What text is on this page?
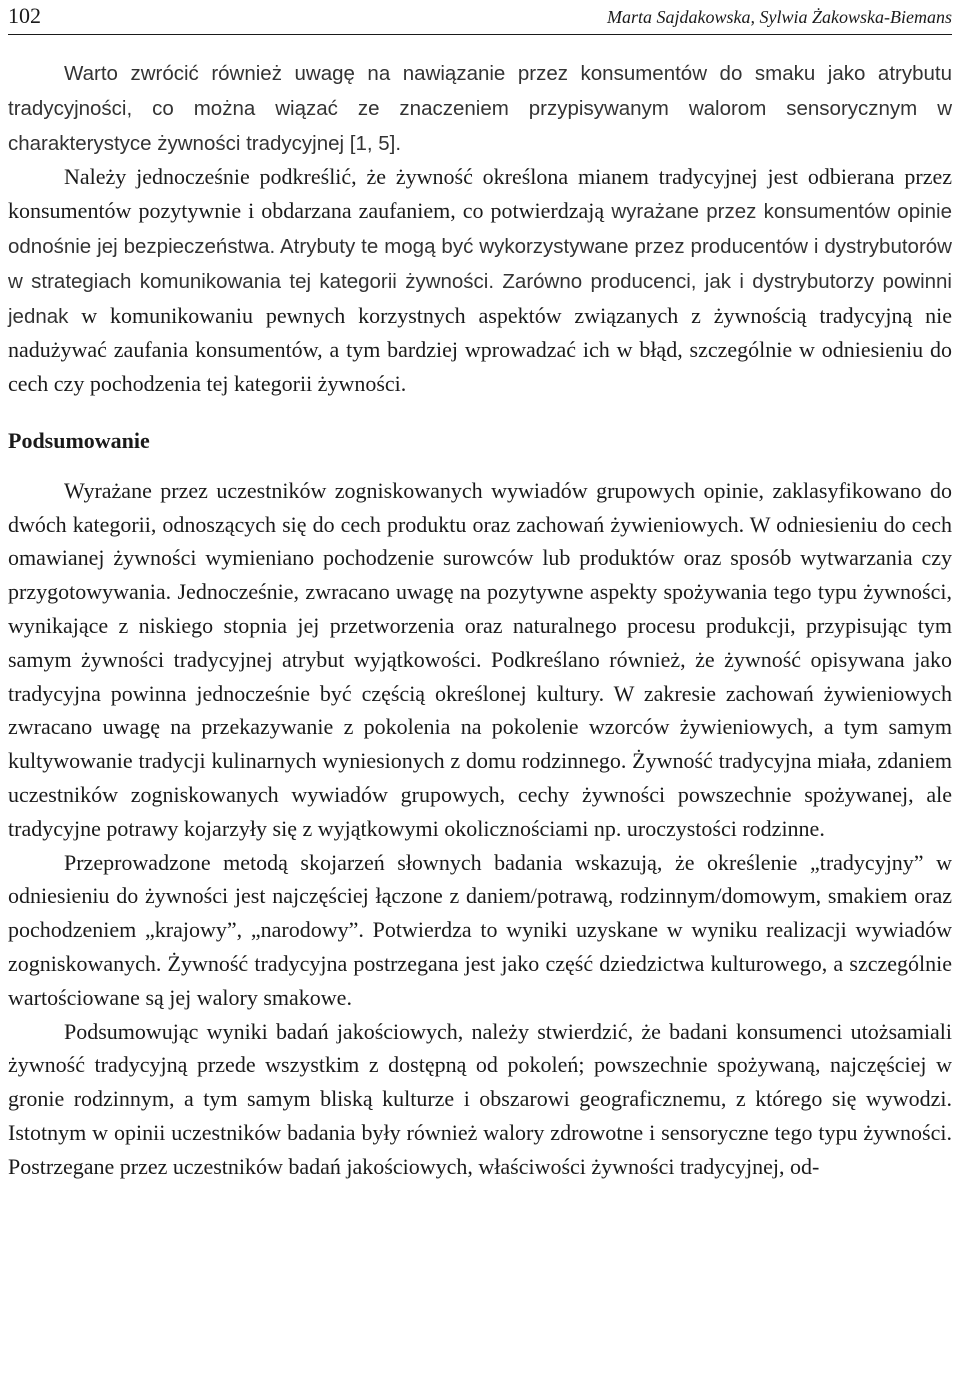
102	Marta Sajdakowska, Sylwia Żakowska-Biemans

Warto zwrócić również uwagę na nawiązanie przez konsumentów do smaku jako atrybutu tradycyjności, co można wiązać ze znaczeniem przypisywanym walorom sensorycznym w charakterystyce żywności tradycyjnej [1, 5].

Należy jednocześnie podkreślić, że żywność określona mianem tradycyjnej jest odbierana przez konsumentów pozytywnie i obdarzana zaufaniem, co potwierdzają wyrażane przez konsumentów opinie odnośnie jej bezpieczeństwa. Atrybuty te mogą być wykorzystywane przez producentów i dystrybutorów w strategiach komunikowania tej kategorii żywności. Zarówno producenci, jak i dystrybutorzy powinni jednak w komunikowaniu pewnych korzystnych aspektów związanych z żywnością tradycyjną nie nadużywać zaufania konsumentów, a tym bardziej wprowadzać ich w błąd, szczególnie w odniesieniu do cech czy pochodzenia tej kategorii żywności.

Podsumowanie

Wyrażane przez uczestników zogniskowanych wywiadów grupowych opinie, zaklasyfikowano do dwóch kategorii, odnoszących się do cech produktu oraz zachowań żywieniowych. W odniesieniu do cech omawianej żywności wymieniano pochodzenie surowców lub produktów oraz sposób wytwarzania czy przygotowywania. Jednocześnie, zwracano uwagę na pozytywne aspekty spożywania tego typu żywności, wynikające z niskiego stopnia jej przetworzenia oraz naturalnego procesu produkcji, przypisując tym samym żywności tradycyjnej atrybut wyjątkowości. Podkreślano również, że żywność opisywana jako tradycyjna powinna jednocześnie być częścią określonej kultury. W zakresie zachowań żywieniowych zwracano uwagę na przekazywanie z pokolenia na pokolenie wzorców żywieniowych, a tym samym kultywowanie tradycji kulinarnych wyniesionych z domu rodzinnego. Żywność tradycyjna miała, zdaniem uczestników zogniskowanych wywiadów grupowych, cechy żywności powszechnie spożywanej, ale tradycyjne potrawy kojarzyły się z wyjątkowymi okolicznościami np. uroczystości rodzinne.

Przeprowadzone metodą skojarzeń słownych badania wskazują, że określenie „tradycyjny” w odniesieniu do żywności jest najczęściej łączone z daniem/potrawą, rodzinnym/domowym, smakiem oraz pochodzeniem „krajowy”, „narodowy”. Potwierdza to wyniki uzyskane w wyniku realizacji wywiadów zogniskowanych. Żywność tradycyjna postrzegana jest jako część dziedzictwa kulturowego, a szczególnie wartościowane są jej walory smakowe.

Podsumowując wyniki badań jakościowych, należy stwierdzić, że badani konsumenci utożsamiali żywność tradycyjną przede wszystkim z dostępną od pokoleń; powszechnie spożywaną, najczęściej w gronie rodzinnym, a tym samym bliską kulturze i obszarowi geograficznemu, z którego się wywodzi. Istotnym w opinii uczestników badania były również walory zdrowotne i sensoryczne tego typu żywności. Postrzegane przez uczestników badań jakościowych, właściwości żywności tradycyjnej, od-
